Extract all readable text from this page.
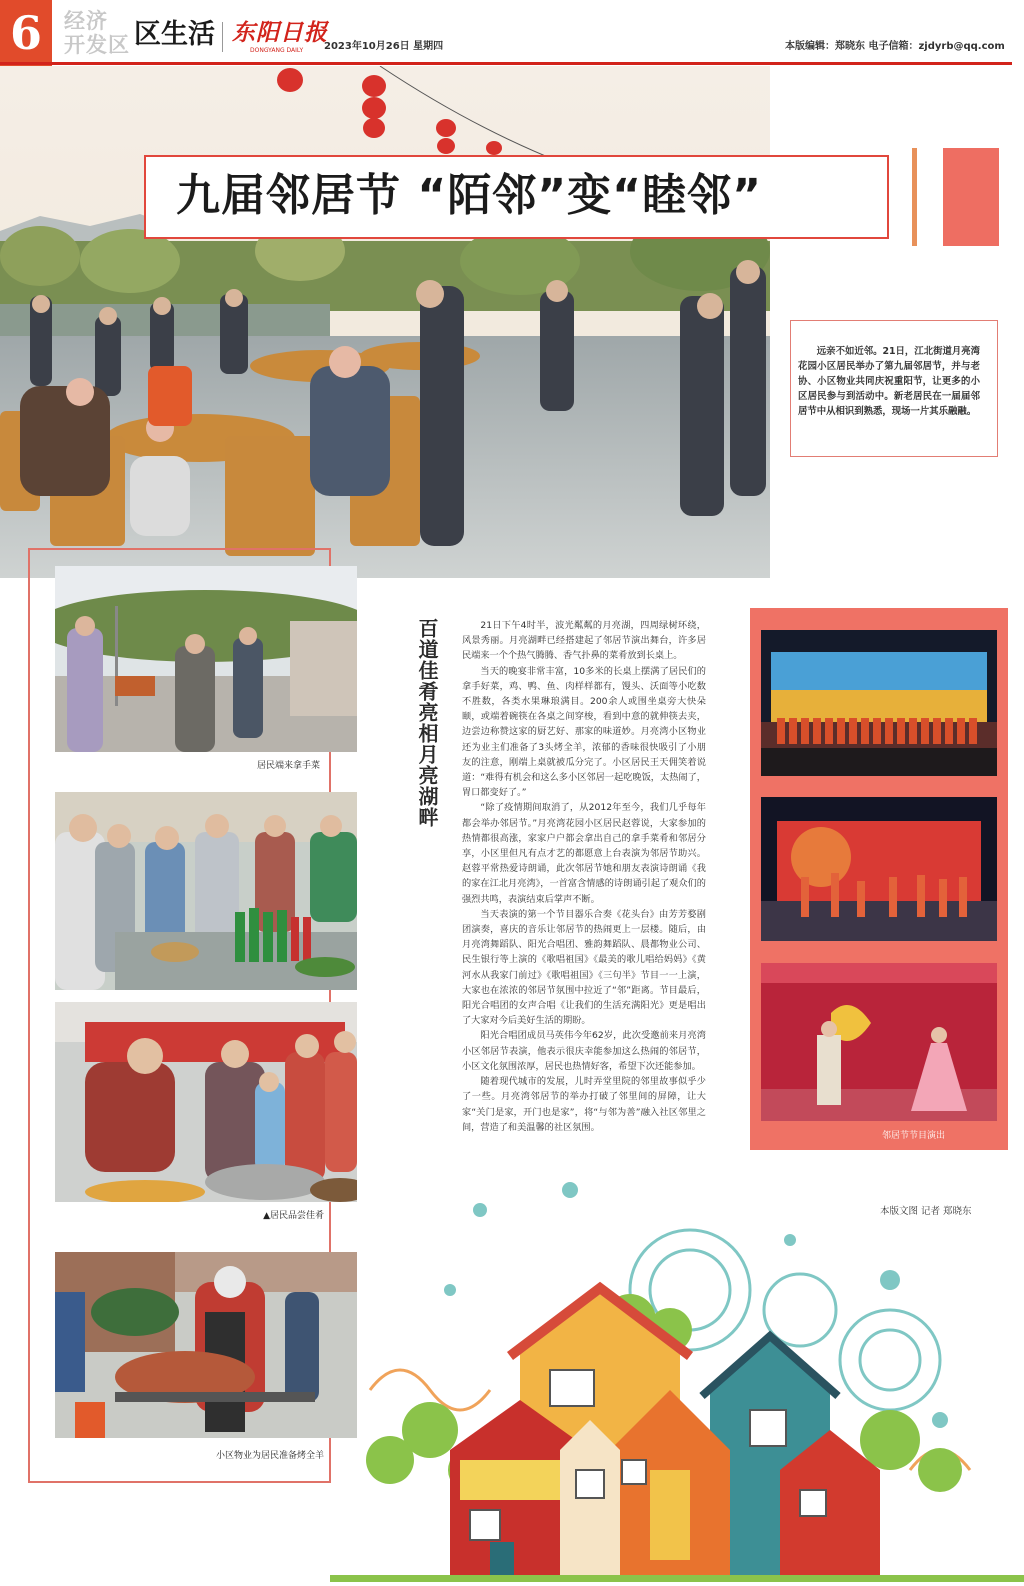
6	经济
开发区 区生活 东阳日报
DONGYANG DAILY 2023年10月26日 星期四	本版编辑：郑晓东 电子信箱：zjdyrb@qq.com
九届邻居节 “陌邻”变“睦邻”
远亲不如近邻。21日，江北街道月亮湾花园小区居民举办了第九届邻居节，并与老协、小区物业共同庆祝重阳节，让更多的小区居民参与到活动中。新老居民在一届届邻居节中从相识到熟悉，现场一片其乐融融。
居民端来拿手菜
▲居民品尝佳肴
小区物业为居民准备烤全羊
百道佳肴亮相月亮湖畔	21日下午4时半，波光粼粼的月亮湖，四周绿树环绕，风景秀丽。月亮湖畔已经搭建起了邻居节演出舞台，许多居民端来一个个热气腾腾、香气扑鼻的菜肴放到长桌上。

当天的晚宴非常丰富，10多米的长桌上摆满了居民们的拿手好菜，鸡、鸭、鱼、肉样样都有，馒头、沃面等小吃数不胜数，各类水果琳琅满目。200余人或围坐桌旁大快朵颐，或端着碗筷在各桌之间穿梭，看到中意的就伸筷去夹，边尝边称赞这家的厨艺好、那家的味道妙。月亮湾小区物业还为业主们准备了3头烤全羊，浓郁的香味很快吸引了小朋友的注意，刚端上桌就被瓜分完了。小区居民王天佣笑着说道：“难得有机会和这么多小区邻居一起吃晚饭，太热闹了，胃口都变好了。”

“除了疫情期间取消了，从2012年至今，我们几乎每年都会举办邻居节。”月亮湾花园小区居民赵蓉说，大家参加的热情都很高涨，家家户户都会拿出自己的拿手菜肴和邻居分享，小区里但凡有点才艺的都愿意上台表演为邻居节助兴。赵蓉平常热爱诗朗诵，此次邻居节她和朋友表演诗朗诵《我的家在江北月亮湾》，一首富含情感的诗朗诵引起了观众们的强烈共鸣，表演结束后掌声不断。

当天表演的第一个节目器乐合奏《花头台》由芳芳婺剧团演奏，喜庆的音乐让邻居节的热闹更上一层楼。随后，由月亮湾舞蹈队、阳光合唱团、雅韵舞蹈队、晨都物业公司、民生银行等上演的《歌唱祖国》《最美的歌儿唱给妈妈》《黄河水从我家门前过》《歌唱祖国》《三句半》节目一一上演，大家也在浓浓的邻居节氛围中拉近了“邻”距离。节目最后，阳光合唱团的女声合唱《让我们的生活充满阳光》更是唱出了大家对今后美好生活的期盼。

阳光合唱团成员马英伟今年62岁，此次受邀前来月亮湾小区邻居节表演，他表示很庆幸能参加这么热闹的邻居节，小区文化氛围浓厚，居民也热情好客，希望下次还能参加。

随着现代城市的发展，儿时弄堂里院的邻里故事似乎少了一些。月亮湾邻居节的举办打破了邻里间的屏障，让大家“关门是家，开门也是家”，将“与邻为善”融入社区邻里之间，营造了和美温馨的社区氛围。

邻居节节目演出
本版文图 记者 郑晓东
